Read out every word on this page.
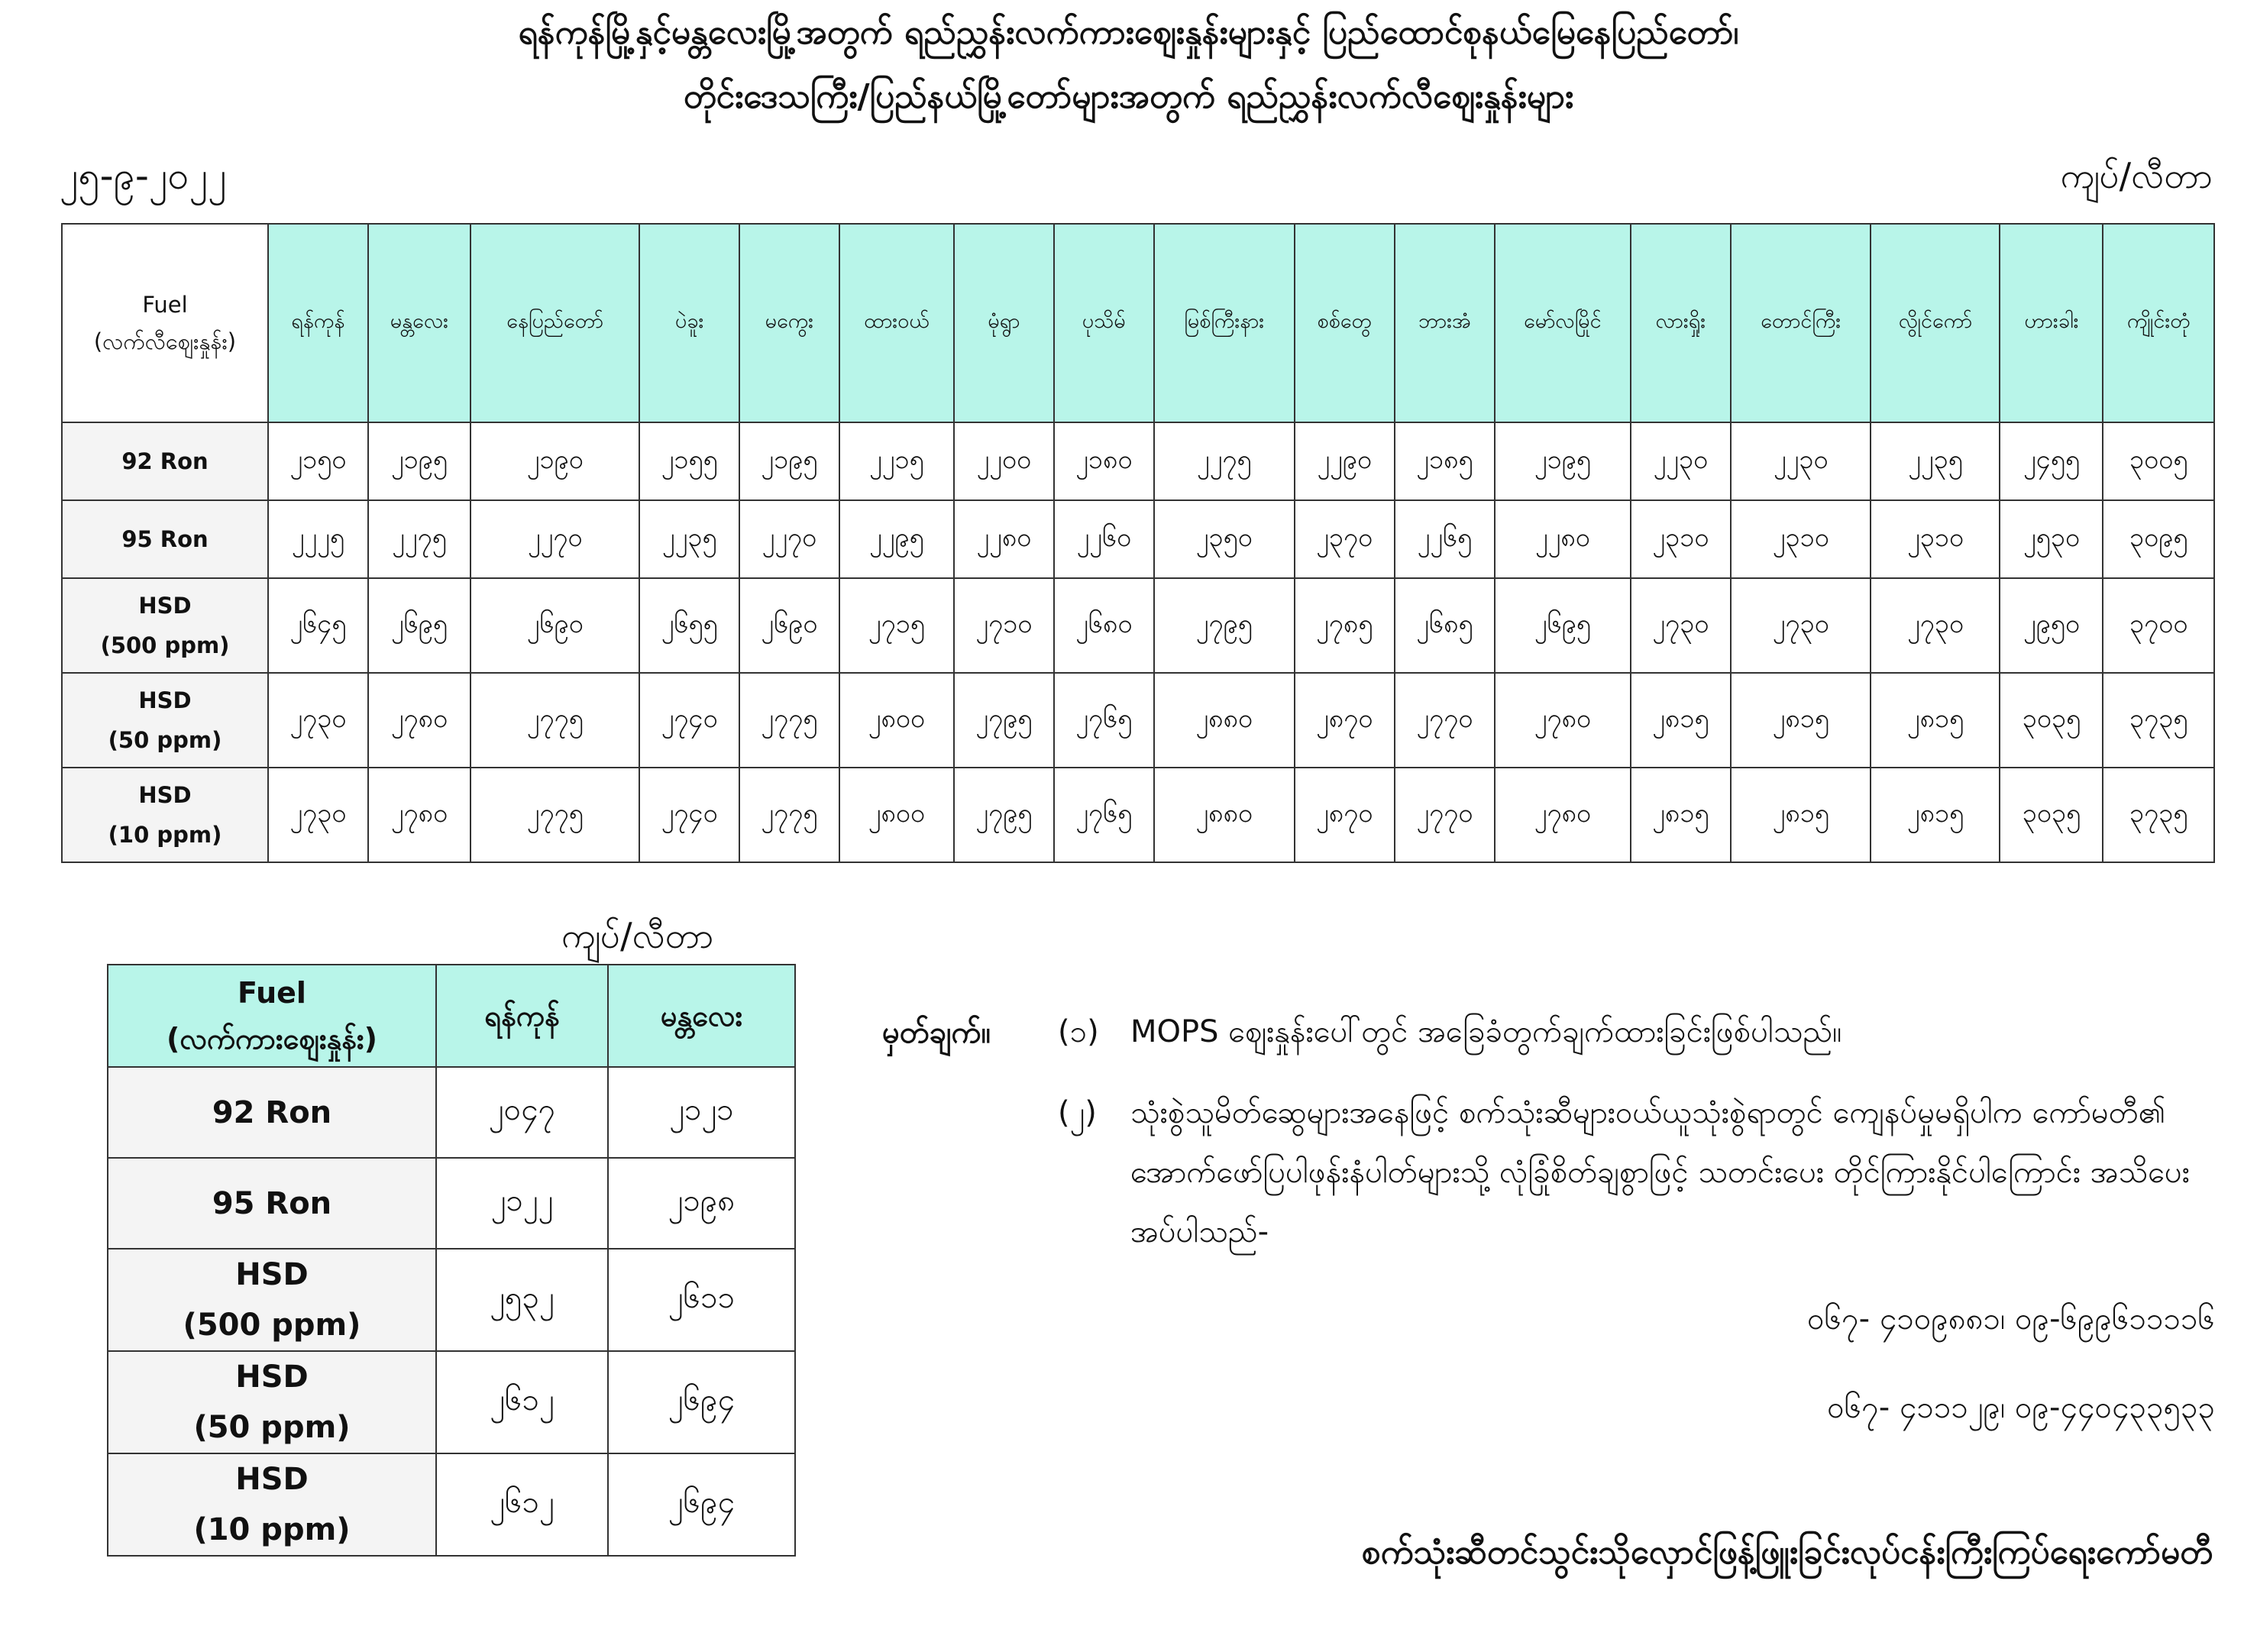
ရန်ကုန်မြို့နှင့်မန္တလေးမြို့အတွက် ရည်ညွှန်းလက်ကားဈေးနှုန်းများနှင့် ပြည်ထောင်စုနယ်မြေနေပြည်တော်၊
တိုင်းဒေသကြီး/ပြည်နယ်မြို့တော်များအတွက် ရည်ညွှန်းလက်လီဈေးနှုန်းများ
၂၅-၉-၂၀၂၂	ကျပ်/လီတာ
Fuel
(လက်လီဈေးနှုန်း)	ရန်ကုန်	မန္တလေး	နေပြည်တော်	ပဲခူး	မကွေး	ထားဝယ်	မုံရွာ	ပုသိမ်	မြစ်ကြီးနား	စစ်တွေ	ဘားအံ	မော်လမြိုင်	လားရှိုး	တောင်ကြီး	လွိုင်ကော်	ဟားခါး	ကျိုင်းတုံ

92 Ron	၂၁၅၀	၂၁၉၅	၂၁၉၀	၂၁၅၅	၂၁၉၅	၂၂၁၅	၂၂၀၀	၂၁၈၀	၂၂၇၅	၂၂၉၀	၂၁၈၅	၂၁၉၅	၂၂၃၀	၂၂၃၀	၂၂၃၅	၂၄၅၅	၃၀၀၅

95 Ron	၂၂၂၅	၂၂၇၅	၂၂၇၀	၂၂၃၅	၂၂၇၀	၂၂၉၅	၂၂၈၀	၂၂၆၀	၂၃၅၀	၂၃၇၀	၂၂၆၅	၂၂၈၀	၂၃၁၀	၂၃၁၀	၂၃၁၀	၂၅၃၀	၃၀၉၅

HSD
(500 ppm)	၂၆၄၅	၂၆၉၅	၂၆၉၀	၂၆၅၅	၂၆၉၀	၂၇၁၅	၂၇၁၀	၂၆၈၀	၂၇၉၅	၂၇၈၅	၂၆၈၅	၂၆၉၅	၂၇၃၀	၂၇၃၀	၂၇၃၀	၂၉၅၀	၃၇၀၀

HSD
(50 ppm)	၂၇၃၀	၂၇၈၀	၂၇၇၅	၂၇၄၀	၂၇၇၅	၂၈၀၀	၂၇၉၅	၂၇၆၅	၂၈၈၀	၂၈၇၀	၂၇၇၀	၂၇၈၀	၂၈၁၅	၂၈၁၅	၂၈၁၅	၃၀၃၅	၃၇၃၅

HSD
(10 ppm)	၂၇၃၀	၂၇၈၀	၂၇၇၅	၂၇၄၀	၂၇၇၅	၂၈၀၀	၂၇၉၅	၂၇၆၅	၂၈၈၀	၂၈၇၀	၂၇၇၀	၂၇၈၀	၂၈၁၅	၂၈၁၅	၂၈၁၅	၃၀၃၅	၃၇၃၅
ကျပ်/လီတာ
Fuel
(လက်ကားဈေးနှုန်း)	ရန်ကုန်	မန္တလေး

92 Ron	၂၀၄၇	၂၁၂၁

95 Ron	၂၁၂၂	၂၁၉၈

HSD
(500 ppm)	၂၅၃၂	၂၆၁၁

HSD
(50 ppm)	၂၆၁၂	၂၆၉၄

HSD
(10 ppm)	၂၆၁၂	၂၆၉၄
မှတ်ချက်။ (၁)	MOPS ဈေးနှုန်းပေါ်တွင် အခြေခံတွက်ချက်ထားခြင်းဖြစ်ပါသည်။
(၂)	သုံးစွဲသူမိတ်ဆွေများအနေဖြင့် စက်သုံးဆီများဝယ်ယူသုံးစွဲရာတွင် ကျေနပ်မှုမရှိပါက ကော်မတီ၏ အောက်ဖော်ပြပါဖုန်းနံပါတ်များသို့ လုံခြုံစိတ်ချစွာဖြင့် သတင်းပေး တိုင်ကြားနိုင်ပါကြောင်း အသိပေးအပ်ပါသည်-
၀၆၇- ၄၁၀၉၈၈၁၊ ၀၉-၆၉၉၆၁၁၁၁၆
၀၆၇- ၄၁၁၁၂၉၊ ၀၉-၄၄၀၄၃၃၅၃၃
စက်သုံးဆီတင်သွင်းသိုလှောင်ဖြန့်ဖြူးခြင်းလုပ်ငန်းကြီးကြပ်ရေးကော်မတီ
